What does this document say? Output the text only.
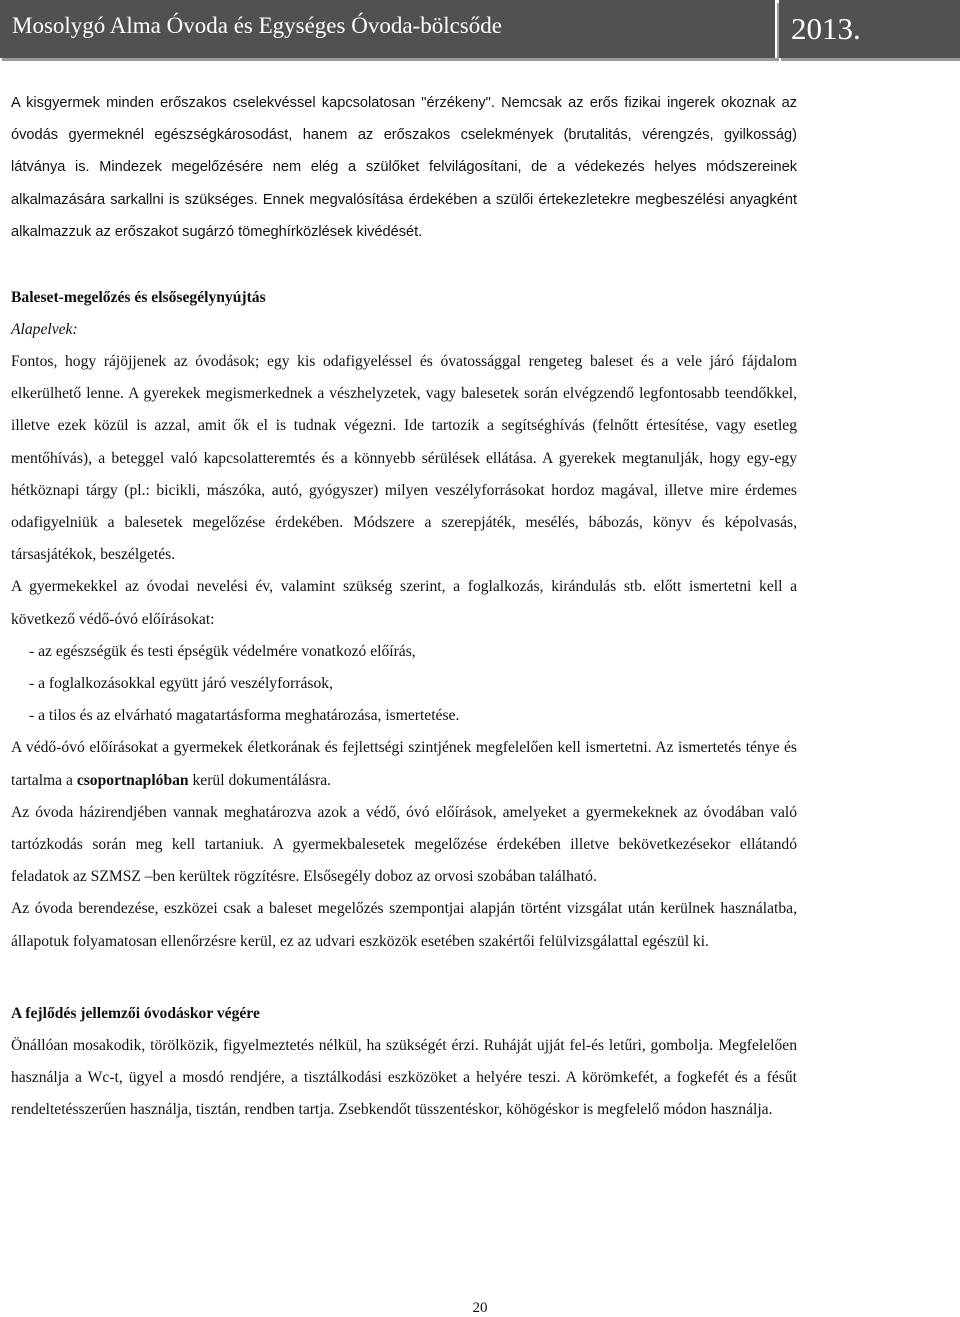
Mosolygó Alma Óvoda és Egységes Óvoda-bölcsőde	2013.

A kisgyermek minden erőszakos cselekvéssel kapcsolatosan "érzékeny". Nemcsak az erős fizikai ingerek okoznak az óvodás gyermeknél egészségkárosodást, hanem az erőszakos cselekmények (brutalitás, vérengzés, gyilkosság) látványa is. Mindezek megelőzésére nem elég a szülőket felvilágosítani, de a védekezés helyes módszereinek alkalmazására sarkallni is szükséges. Ennek megvalósítása érdekében a szülői értekezletekre megbeszélési anyagként alkalmazzuk az erőszakot sugárzó tömeghírközlések kivédését.

Baleset-megelőzés és elsősegélynyújtás

Alapelvek:

Fontos, hogy rájöjjenek az óvodások; egy kis odafigyeléssel és óvatossággal rengeteg baleset és a vele járó fájdalom elkerülhető lenne. A gyerekek megismerkednek a vészhelyzetek, vagy balesetek során elvégzendő legfontosabb teendőkkel, illetve ezek közül is azzal, amit ők el is tudnak végezni. Ide tartozik a segítséghívás (felnőtt értesítése, vagy esetleg mentőhívás), a beteggel való kapcsolatteremtés és a könnyebb sérülések ellátása. A gyerekek megtanulják, hogy egy-egy hétköznapi tárgy (pl.: bicikli, mászóka, autó, gyógyszer) milyen veszélyforrásokat hordoz magával, illetve mire érdemes odafigyelniük a balesetek megelőzése érdekében. Módszere a szerepjáték, mesélés, bábozás, könyv és képolvasás, társasjátékok, beszélgetés.

A gyermekekkel az óvodai nevelési év, valamint szükség szerint, a foglalkozás, kirándulás stb. előtt ismertetni kell a következő védő-óvó előírásokat:

- az egészségük és testi épségük védelmére vonatkozó előírás,
- a foglalkozásokkal együtt járó veszélyforrások,
- a tilos és az elvárható magatartásforma meghatározása, ismertetése.

A védő-óvó előírásokat a gyermekek életkorának és fejlettségi szintjének megfelelően kell ismertetni. Az ismertetés ténye és tartalma a csoportnaplóban kerül dokumentálásra.

Az óvoda házirendjében vannak meghatározva azok a védő, óvó előírások, amelyeket a gyermekeknek az óvodában való tartózkodás során meg kell tartaniuk. A gyermekbalesetek megelőzése érdekében illetve bekövetkezésekor ellátandó feladatok az SZMSZ –ben kerültek rögzítésre. Elsősegély doboz az orvosi szobában található.

Az óvoda berendezése, eszközei csak a baleset megelőzés szempontjai alapján történt vizsgálat után kerülnek használatba, állapotuk folyamatosan ellenőrzésre kerül, ez az udvari eszközök esetében szakértői felülvizsgálattal egészül ki.

A fejlődés jellemzői óvodáskor végére

Önállóan mosakodik, törölközik, figyelmeztetés nélkül, ha szükségét érzi. Ruháját ujját fel-és letűri, gombolja. Megfelelően használja a Wc-t, ügyel a mosdó rendjére, a tisztálkodási eszközöket a helyére teszi. A körömkefét, a fogkefét és a fésűt rendeltetésszerűen használja, tisztán, rendben tartja. Zsebkendőt tüsszentéskor, köhögéskor is megfelelő módon használja.

20
